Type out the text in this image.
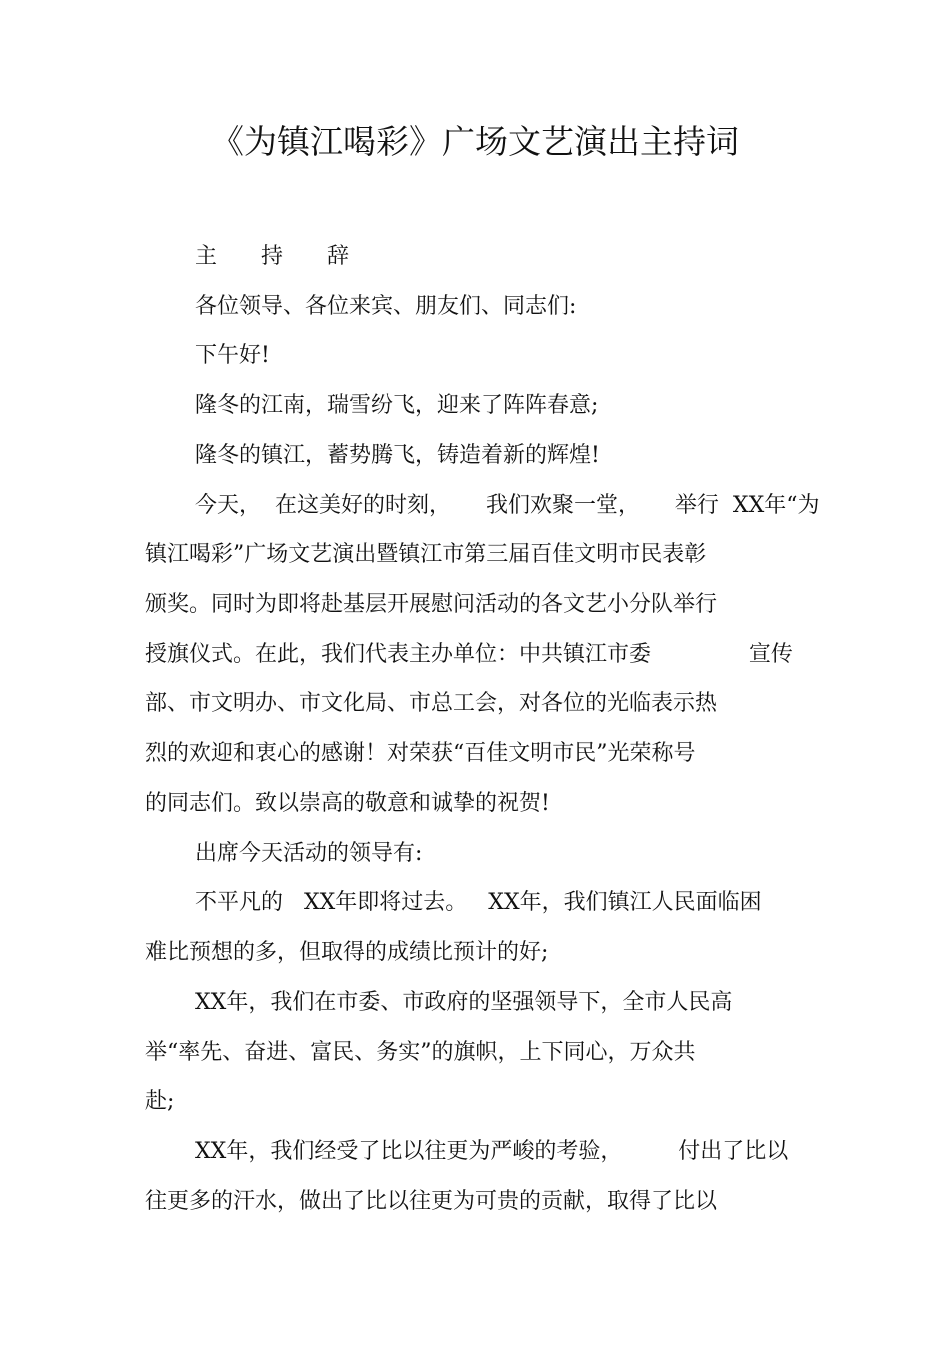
《为镇江喝彩》广场文艺演出主持词
主　　持　　辞
各位领导、各位来宾、朋友们、同志们:
下午好!
隆冬的江南，瑞雪纷飞，迎来了阵阵春意;
隆冬的镇江，蓄势腾飞，铸造着新的辉煌!
今天，  在这美好的时刻，     我们欢聚一堂，     举行  XX年“为
镇江喝彩”广场文艺演出暨镇江市第三届百佳文明市民表彰
颁奖。同时为即将赴基层开展慰问活动的各文艺小分队举行
授旗仪式。在此，我们代表主办单位：中共镇江市委              宣传
部、市文明办、市文化局、市总工会，对各位的光临表示热
烈的欢迎和衷心的感谢！对荣获“百佳文明市民”光荣称号
的同志们。致以崇高的敬意和诚挚的祝贺!
出席今天活动的领导有:
不平凡的   XX年即将过去。   XX年，我们镇江人民面临困
难比预想的多，但取得的成绩比预计的好;
XX年，我们在市委、市政府的坚强领导下，全市人民高
举“率先、奋进、富民、务实”的旗帜，上下同心，万众共
赴;
XX年，我们经受了比以往更为严峻的考验，        付出了比以
往更多的汗水，做出了比以往更为可贵的贡献，取得了比以
